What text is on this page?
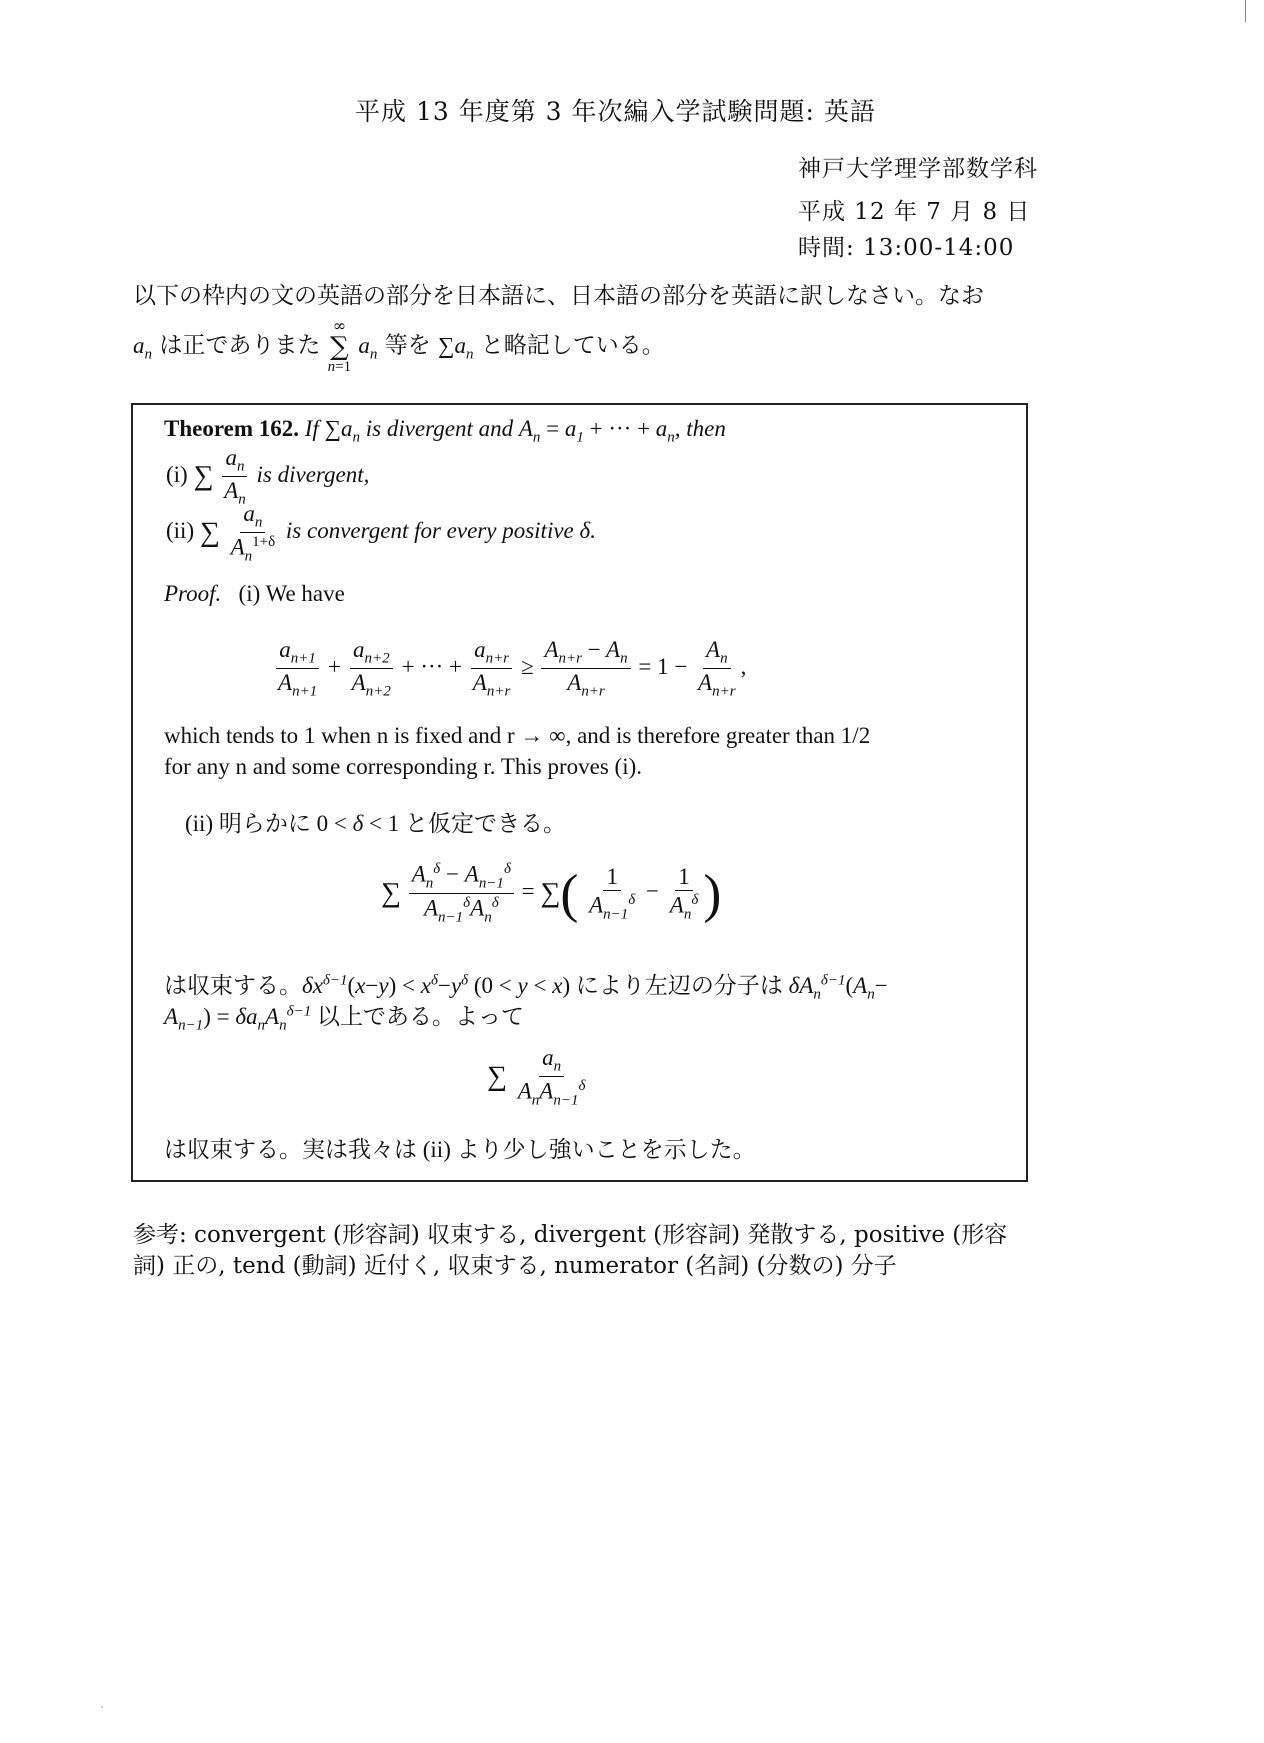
平成 13 年度第 3 年次編入学試験問題: 英語
神戸大学理学部数学科
平成 12 年 7 月 8 日
時間: 13:00-14:00
以下の枠内の文の英語の部分を日本語に、日本語の部分を英語に訳しなさい。なお
$a_n$ は正でありまた
∞
∑
n=1
$a_n$ 等を $\sum a_n$ と略記している。
Theorem 162. If $\sum a_n$ is divergent and $A_n = a_1$ + ··· + $a_n$, then
(i) ∑ $\frac{a_n}{A_n}$ is divergent,
(ii) ∑ $\frac{a_n}{A_n^{1+\delta}}$ is convergent for every positive δ.
Proof. (i) We have
$\frac{a_{n+1}}{A_{n+1}} + \frac{a_{n+2}}{A_{n+2}}$ + ··· + $\frac{a_{n+r}}{A_{n+r}} \ge \frac{A_{n+r} - A_n}{A_{n+r}} = 1 - \frac{A_n}{A_{n+r}}$ ,
which tends to 1 when n is fixed and r → ∞, and is therefore greater than 1/2
for any n and some corresponding r. This proves (i).
(ii) 明らかに 0 < δ < 1 と仮定できる。
∑ $\frac{A_n^\delta - A_{n-1}^\delta}{A_{n-1}^\delta A_n^\delta}$ = ∑( $\frac{1}{A_{n-1}^\delta} - \frac{1}{A_n^\delta}$ )
は収束する。$\delta x^{\delta-1}(x-y) < x^\delta-y^\delta$ (0 < y < x) により左辺の分子は $\delta A_n^{\delta-1}(A_n-$
$A_{n-1}) = \delta a_nA_n^{\delta-1}$ 以上である。よって
∑ $\frac{a_n}{A_nA_{n-1}^\delta}$
は収束する。実は我々は (ii) より少し強いことを示した。
参考: convergent (形容詞) 収束する, divergent (形容詞) 発散する, positive (形容詞) 正の, tend (動詞) 近付く, 収束する, numerator (名詞) (分数の) 分子
.
